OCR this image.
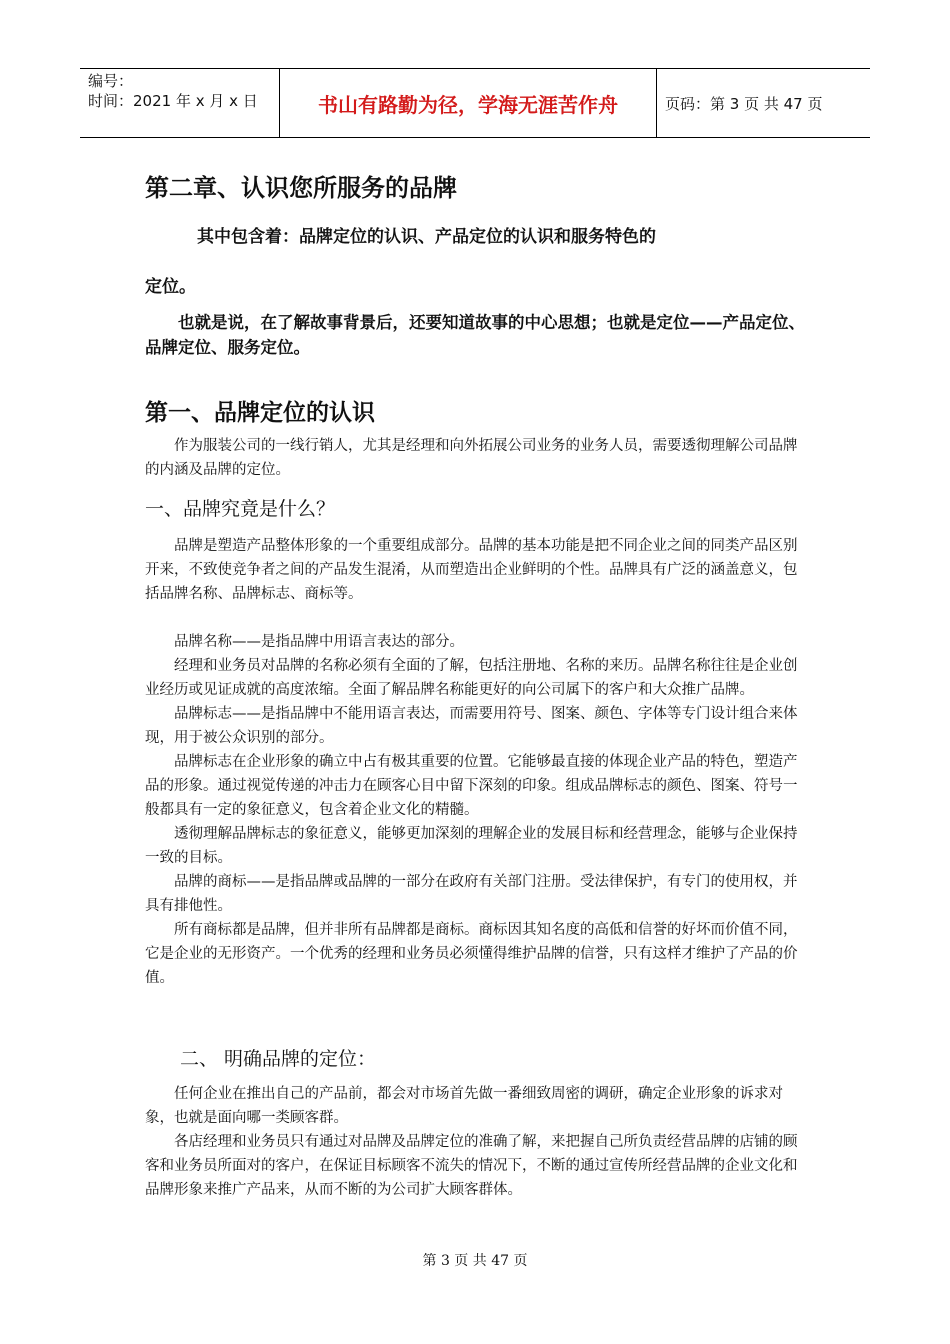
编号：
时间：2021 年 x 月 x 日	书山有路勤为径，学海无涯苦作舟	页码：第 3 页 共 47 页
第二章、认识您所服务的品牌
其中包含着：品牌定位的认识、产品定位的认识和服务特色的
定位。

也就是说，在了解故事背景后，还要知道故事的中心思想；也就是定位——产品定位、品牌定位、服务定位。

第一、品牌定位的认识

作为服装公司的一线行销人，尤其是经理和向外拓展公司业务的业务人员，需要透彻理解公司品牌的内涵及品牌的定位。

一、品牌究竟是什么？

品牌是塑造产品整体形象的一个重要组成部分。品牌的基本功能是把不同企业之间的同类产品区别开来，不致使竞争者之间的产品发生混淆，从而塑造出企业鲜明的个性。品牌具有广泛的涵盖意义，包括品牌名称、品牌标志、商标等。

品牌名称——是指品牌中用语言表达的部分。

经理和业务员对品牌的名称必须有全面的了解，包括注册地、名称的来历。品牌名称往往是企业创业经历或见证成就的高度浓缩。全面了解品牌名称能更好的向公司属下的客户和大众推广品牌。

品牌标志——是指品牌中不能用语言表达，而需要用符号、图案、颜色、字体等专门设计组合来体现，用于被公众识别的部分。

品牌标志在企业形象的确立中占有极其重要的位置。它能够最直接的体现企业产品的特色，塑造产品的形象。通过视觉传递的冲击力在顾客心目中留下深刻的印象。组成品牌标志的颜色、图案、符号一般都具有一定的象征意义，包含着企业文化的精髓。

透彻理解品牌标志的象征意义，能够更加深刻的理解企业的发展目标和经营理念，能够与企业保持一致的目标。

品牌的商标——是指品牌或品牌的一部分在政府有关部门注册。受法律保护，有专门的使用权，并具有排他性。

所有商标都是品牌，但并非所有品牌都是商标。商标因其知名度的高低和信誉的好坏而价值不同，它是企业的无形资产。一个优秀的经理和业务员必须懂得维护品牌的信誉，只有这样才维护了产品的价值。

二、 明确品牌的定位：

任何企业在推出自己的产品前，都会对市场首先做一番细致周密的调研，确定企业形象的诉求对象，也就是面向哪一类顾客群。

各店经理和业务员只有通过对品牌及品牌定位的准确了解，来把握自己所负责经营品牌的店铺的顾客和业务员所面对的客户，在保证目标顾客不流失的情况下，不断的通过宣传所经营品牌的企业文化和品牌形象来推广产品来，从而不断的为公司扩大顾客群体。

第 3 页 共 47 页
